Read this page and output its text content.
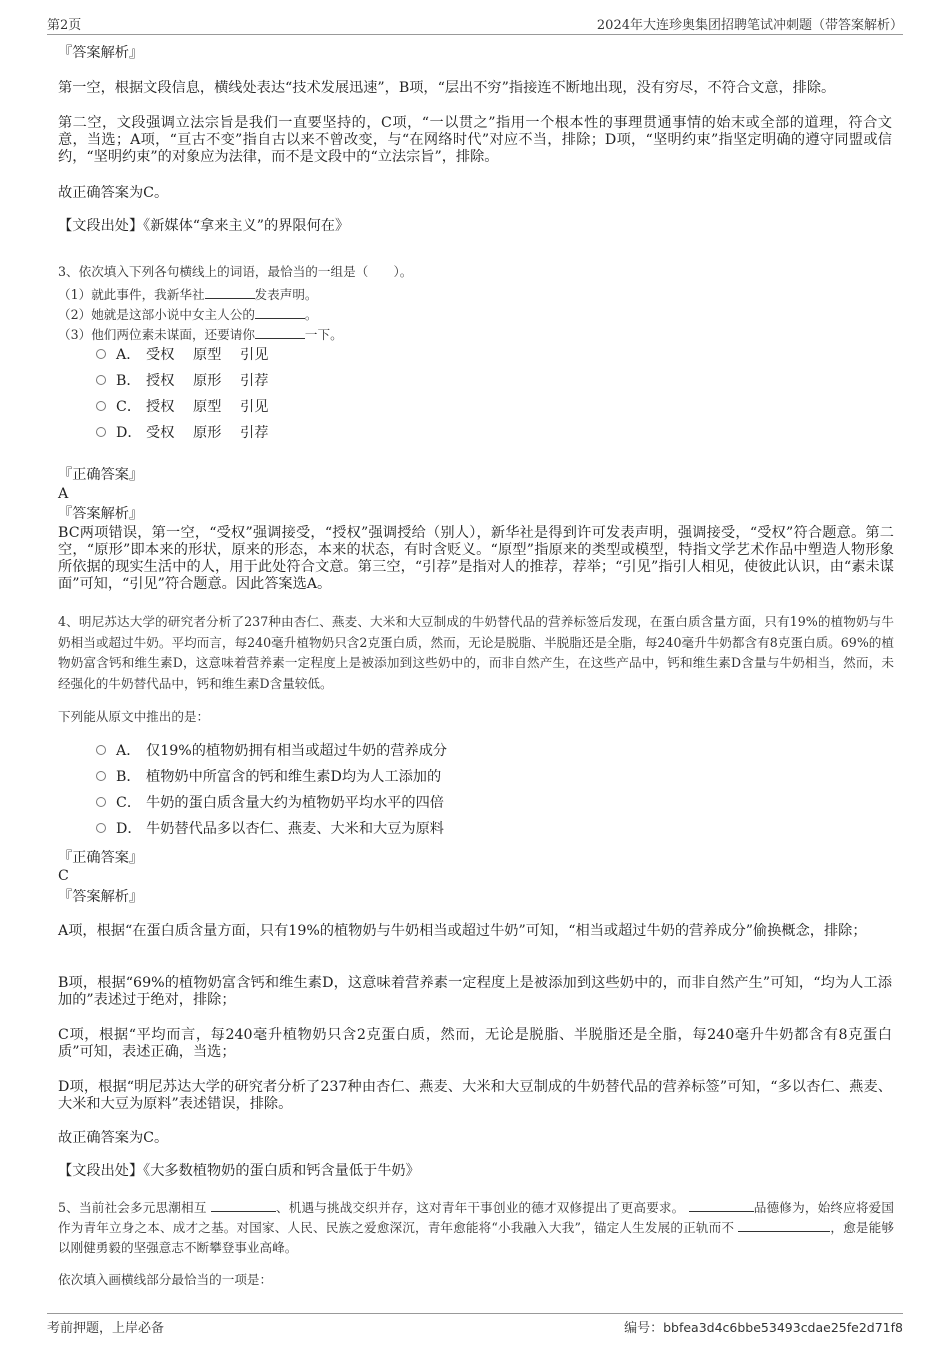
第2页	2024年大连珍奥集团招聘笔试冲刺题（带答案解析）

『答案解析』

第一空，根据文段信息，横线处表达“技术发展迅速”，B项，“层出不穷”指接连不断地出现，没有穷尽，不符合文意，排除。

第二空，文段强调立法宗旨是我们一直要坚持的，C项，“一以贯之”指用一个根本性的事理贯通事情的始末或全部的道理，符合文意，当选；A项，“亘古不变”指自古以来不曾改变，与“在网络时代”对应不当，排除；D项，“坚明约束”指坚定明确的遵守同盟或信约，“坚明约束”的对象应为法律，而不是文段中的“立法宗旨”，排除。

故正确答案为C。

【文段出处】《新媒体“拿来主义”的界限何在》

3、依次填入下列各句横线上的词语，最恰当的一组是（　　）。

（1）就此事件，我新华社	发表声明。

（2）她就是这部小说中女主人公的	。

（3）他们两位素未谋面，还要请你	一下。

A． 受权 原型 引见
B． 授权 原形 引荐
C． 授权 原型 引见
D． 受权 原形 引荐

『正确答案』

A

『答案解析』

BC两项错误，第一空，“受权”强调接受，“授权”强调授给（别人），新华社是得到许可发表声明，强调接受，“受权”符合题意。第二空，“原形”即本来的形状，原来的形态，本来的状态，有时含贬义。“原型”指原来的类型或模型，特指文学艺术作品中塑造人物形象所依据的现实生活中的人，用于此处符合文意。第三空，“引荐”是指对人的推荐，荐举；“引见”指引人相见，使彼此认识，由“素未谋面”可知，“引见”符合题意。因此答案选A。

4、明尼苏达大学的研究者分析了237种由杏仁、燕麦、大米和大豆制成的牛奶替代品的营养标签后发现，在蛋白质含量方面，只有19%的植物奶与牛奶相当或超过牛奶。平均而言，每240毫升植物奶只含2克蛋白质，然而，无论是脱脂、半脱脂还是全脂，每240毫升牛奶都含有8克蛋白质。69%的植物奶富含钙和维生素D，这意味着营养素一定程度上是被添加到这些奶中的，而非自然产生，在这些产品中，钙和维生素D含量与牛奶相当，然而，未经强化的牛奶替代品中，钙和维生素D含量较低。

下列能从原文中推出的是：

A． 仅19%的植物奶拥有相当或超过牛奶的营养成分
B． 植物奶中所富含的钙和维生素D均为人工添加的
C． 牛奶的蛋白质含量大约为植物奶平均水平的四倍
D． 牛奶替代品多以杏仁、燕麦、大米和大豆为原料

『正确答案』

C

『答案解析』

A项，根据“在蛋白质含量方面，只有19%的植物奶与牛奶相当或超过牛奶”可知，“相当或超过牛奶的营养成分”偷换概念，排除；

B项，根据“69%的植物奶富含钙和维生素D，这意味着营养素一定程度上是被添加到这些奶中的，而非自然产生”可知，“均为人工添加的”表述过于绝对，排除；

C项，根据“平均而言，每240毫升植物奶只含2克蛋白质，然而，无论是脱脂、半脱脂还是全脂，每240毫升牛奶都含有8克蛋白质”可知，表述正确，当选；

D项，根据“明尼苏达大学的研究者分析了237种由杏仁、燕麦、大米和大豆制成的牛奶替代品的营养标签”可知，“多以杏仁、燕麦、大米和大豆为原料”表述错误，排除。

故正确答案为C。

【文段出处】《大多数植物奶的蛋白质和钙含量低于牛奶》

5、当前社会多元思潮相互	、机遇与挑战交织并存，这对青年干事创业的德才双修提出了更高要求。	品德修为，始终应将爱国作为青年立身之本、成才之基。对国家、人民、民族之爱愈深沉，青年愈能将“小我融入大我”，锚定人生发展的正轨而不	，愈是能够以刚健勇毅的坚强意志不断攀登事业高峰。

依次填入画横线部分最恰当的一项是：

考前押题，上岸必备	编号：bbfea3d4c6bbe53493cdae25fe2d71f8
